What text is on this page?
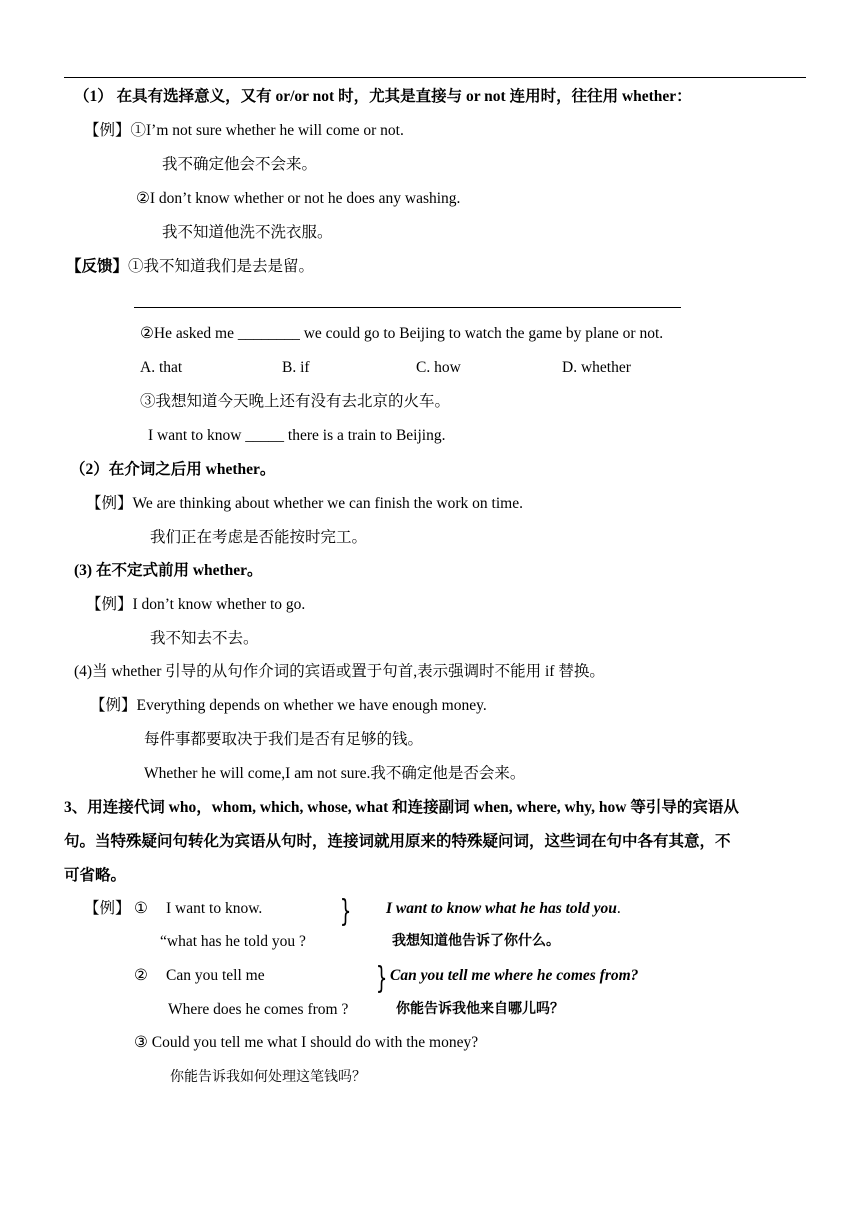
（1） 在具有选择意义，又有 or/or not 时，尤其是直接与 or not 连用时，往往用 whether：
【例】①I’m not sure whether he will come or not.
我不确定他会不会来。
②I don’t know whether or not he does any washing.
我不知道他洗不洗衣服。
【反馈】①我不知道我们是去是留。
②He asked me ________ we could go to Beijing to watch the game by plane or not.
A. that	B. if	C. how	D. whether
③我想知道今天晚上还有没有去北京的火车。
I want to know _____ there is a train to Beijing.
（2）在介词之后用 whether。
【例】We are thinking about whether we can finish the work on time.
我们正在考虑是否能按时完工。
(3) 在不定式前用 whether。
【例】I don’t know whether to go.
我不知去不去。
(4)当 whether 引导的从句作介词的宾语或置于句首,表示强调时不能用 if 替换。
【例】Everything depends on whether we have enough money.
每件事都要取决于我们是否有足够的钱。
Whether he will come,I am not sure.我不确定他是否会来。
3、用连接代词 who，whom, which, whose, what 和连接副词 when, where, why, how 等引导的宾语从
句。当特殊疑问句转化为宾语从句时，连接词就用原来的特殊疑问词，这些词在句中各有其意，不
可省略。
【例】 ① I want to know.
“what has he told you ?
} I want to know what he has told you.
我想知道他告诉了你什么。
② Can you tell me
Where does he comes from ?
} Can you tell me where he comes from?
你能告诉我他来自哪儿吗？
③ Could you tell me what I should do with the money?
你能告诉我如何处理这笔钱吗？
